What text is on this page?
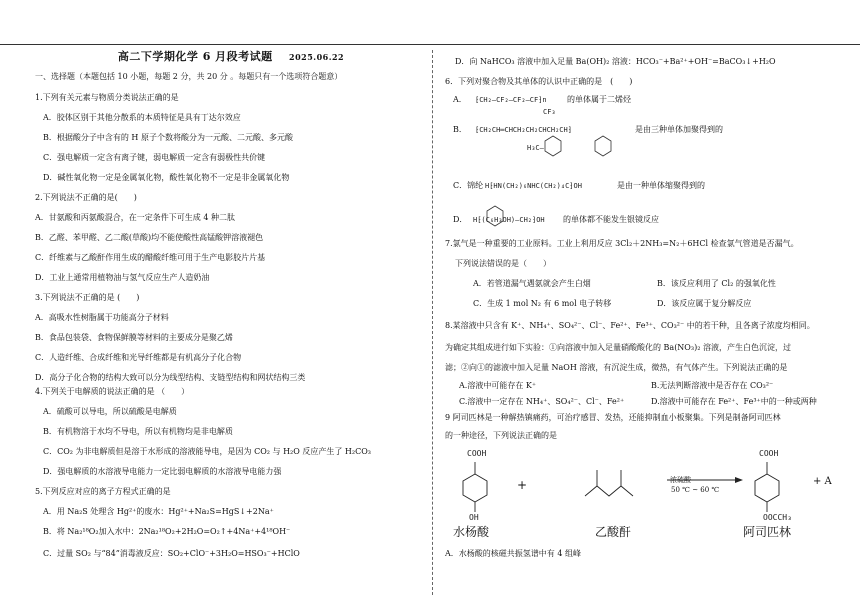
高二下学期化学 6 月段考试题 2025.06.22
一、选择题（本题包括 10 小题，每题 2 分，共 20 分 。每题只有一个选项符合题意）
1.下列有关元素与物质分类说法正确的是
A．胶体区别于其他分散系的本质特征是具有丁达尔效应
B．根据酸分子中含有的 H 原子个数将酸分为一元酸、二元酸、多元酸
C．强电解质一定含有离子键，弱电解质一定含有弱极性共价键
D．碱性氧化物一定是金属氧化物，酸性氧化物不一定是非金属氧化物
2.下列说法不正确的是(　　)
A．甘氨酸和丙氨酸混合，在一定条件下可生成 4 种二肽
B．乙醛、苯甲醛、乙二酸(草酸)均不能使酸性高锰酸钾溶液褪色
C．纤维素与乙酸酐作用生成的醋酸纤维可用于生产电影胶片片基
D．工业上通常用植物油与氢气反应生产人造奶油
3.下列说法不正确的是 (　　)
A．高吸水性树脂属于功能高分子材料
B．食品包装袋、食物保鲜膜等材料的主要成分是聚乙烯
C．人造纤维、合成纤维和光导纤维都是有机高分子化合物
D．高分子化合物的结构大致可以分为线型结构、支链型结构和网状结构三类
4.下列关于电解质的说法正确的是 （　　）
A．硫酸可以导电，所以硫酸是电解质
B．有机物溶于水均不导电，所以有机物均是非电解质
C．CO₂ 为非电解质但是溶于水形成的溶液能导电，是因为 CO₂ 与 H₂O 反应产生了 H₂CO₃
D．强电解质的水溶液导电能力一定比弱电解质的水溶液导电能力强
5.下列反应对应的离子方程式正确的是
A．用 Na₂S 处理含 Hg²⁺的废水：Hg²⁺+Na₂S=HgS↓+2Na⁺
B．将 Na₂¹⁸O₂加入水中：2Na₂¹⁸O₂+2H₂O=O₂↑+4Na⁺+4¹⁸OH⁻
C．过量 SO₂ 与“84”消毒液反应：SO₂+ClO⁻+3H₂O=HSO₃⁻+HClO
D．向 NaHCO₃ 溶液中加入足量 Ba(OH)₂ 溶液：HCO₃⁻+Ba²⁺+OH⁻=BaCO₃↓+H₂O
6．下列对聚合物及其单体的认识中正确的是　(　　)
A． ⁅CH₂—CF₂—CF₂—CF⁆n
CF₃
的单体属于二烯烃
B． ⁅CH₂CH═CHCH₂CH₂CHCH₂CH⁆
H₃C—
是由三种单体加聚得到的
C．锦纶 H⁅HN(CH₂)₆NHC(CH₂)₄C⁆OH	是由一种单体缩聚得到的
D． H⁅(C₆H₃OH)—CH₂⁆OH 的单体都不能发生银镜反应
7.氯气是一种重要的工业原料。工业上利用反应 3Cl₂＋2NH₃=N₂＋6HCl 检查氯气管道是否漏气。
下列说法错误的是（　　）
A．若管道漏气遇氨就会产生白烟	B．该反应利用了 Cl₂ 的强氧化性
C．生成 1 mol N₂ 有 6 mol 电子转移	D．该反应属于复分解反应
8.某溶液中只含有 K⁺、NH₄⁺、SO₄²⁻、Cl⁻、Fe²⁺、Fe³⁺、CO₃²⁻ 中的若干种，且各离子浓度均相同。
为确定其组成进行如下实验：①向溶液中加入足量硝酸酸化的 Ba(NO₃)₂ 溶液，产生白色沉淀，过
滤；②向①的滤液中加入足量 NaOH 溶液，有沉淀生成，微热，有气体产生。下列说法正确的是
A.溶液中可能存在 K⁺	B.无法判断溶液中是否存在 CO₃²⁻
C.溶液中一定存在 NH₄⁺、SO₄²⁻、Cl⁻、Fe²⁺	D.溶液中可能存在 Fe²⁺、Fe³⁺中的一种或两种
9 阿司匹林是一种解热镇痛药，可治疗感冒、发热，还能抑制血小板聚集。下列是制备阿司匹林
的一种途径，下列说法正确的是
COOH
OH
+	浓硫酸
50 ℃ ~ 60 ℃
COOH
OOCCH₃
+ A
水杨酸	乙酸酐	阿司匹林
A．水杨酸的核磁共振氢谱中有 4 组峰
